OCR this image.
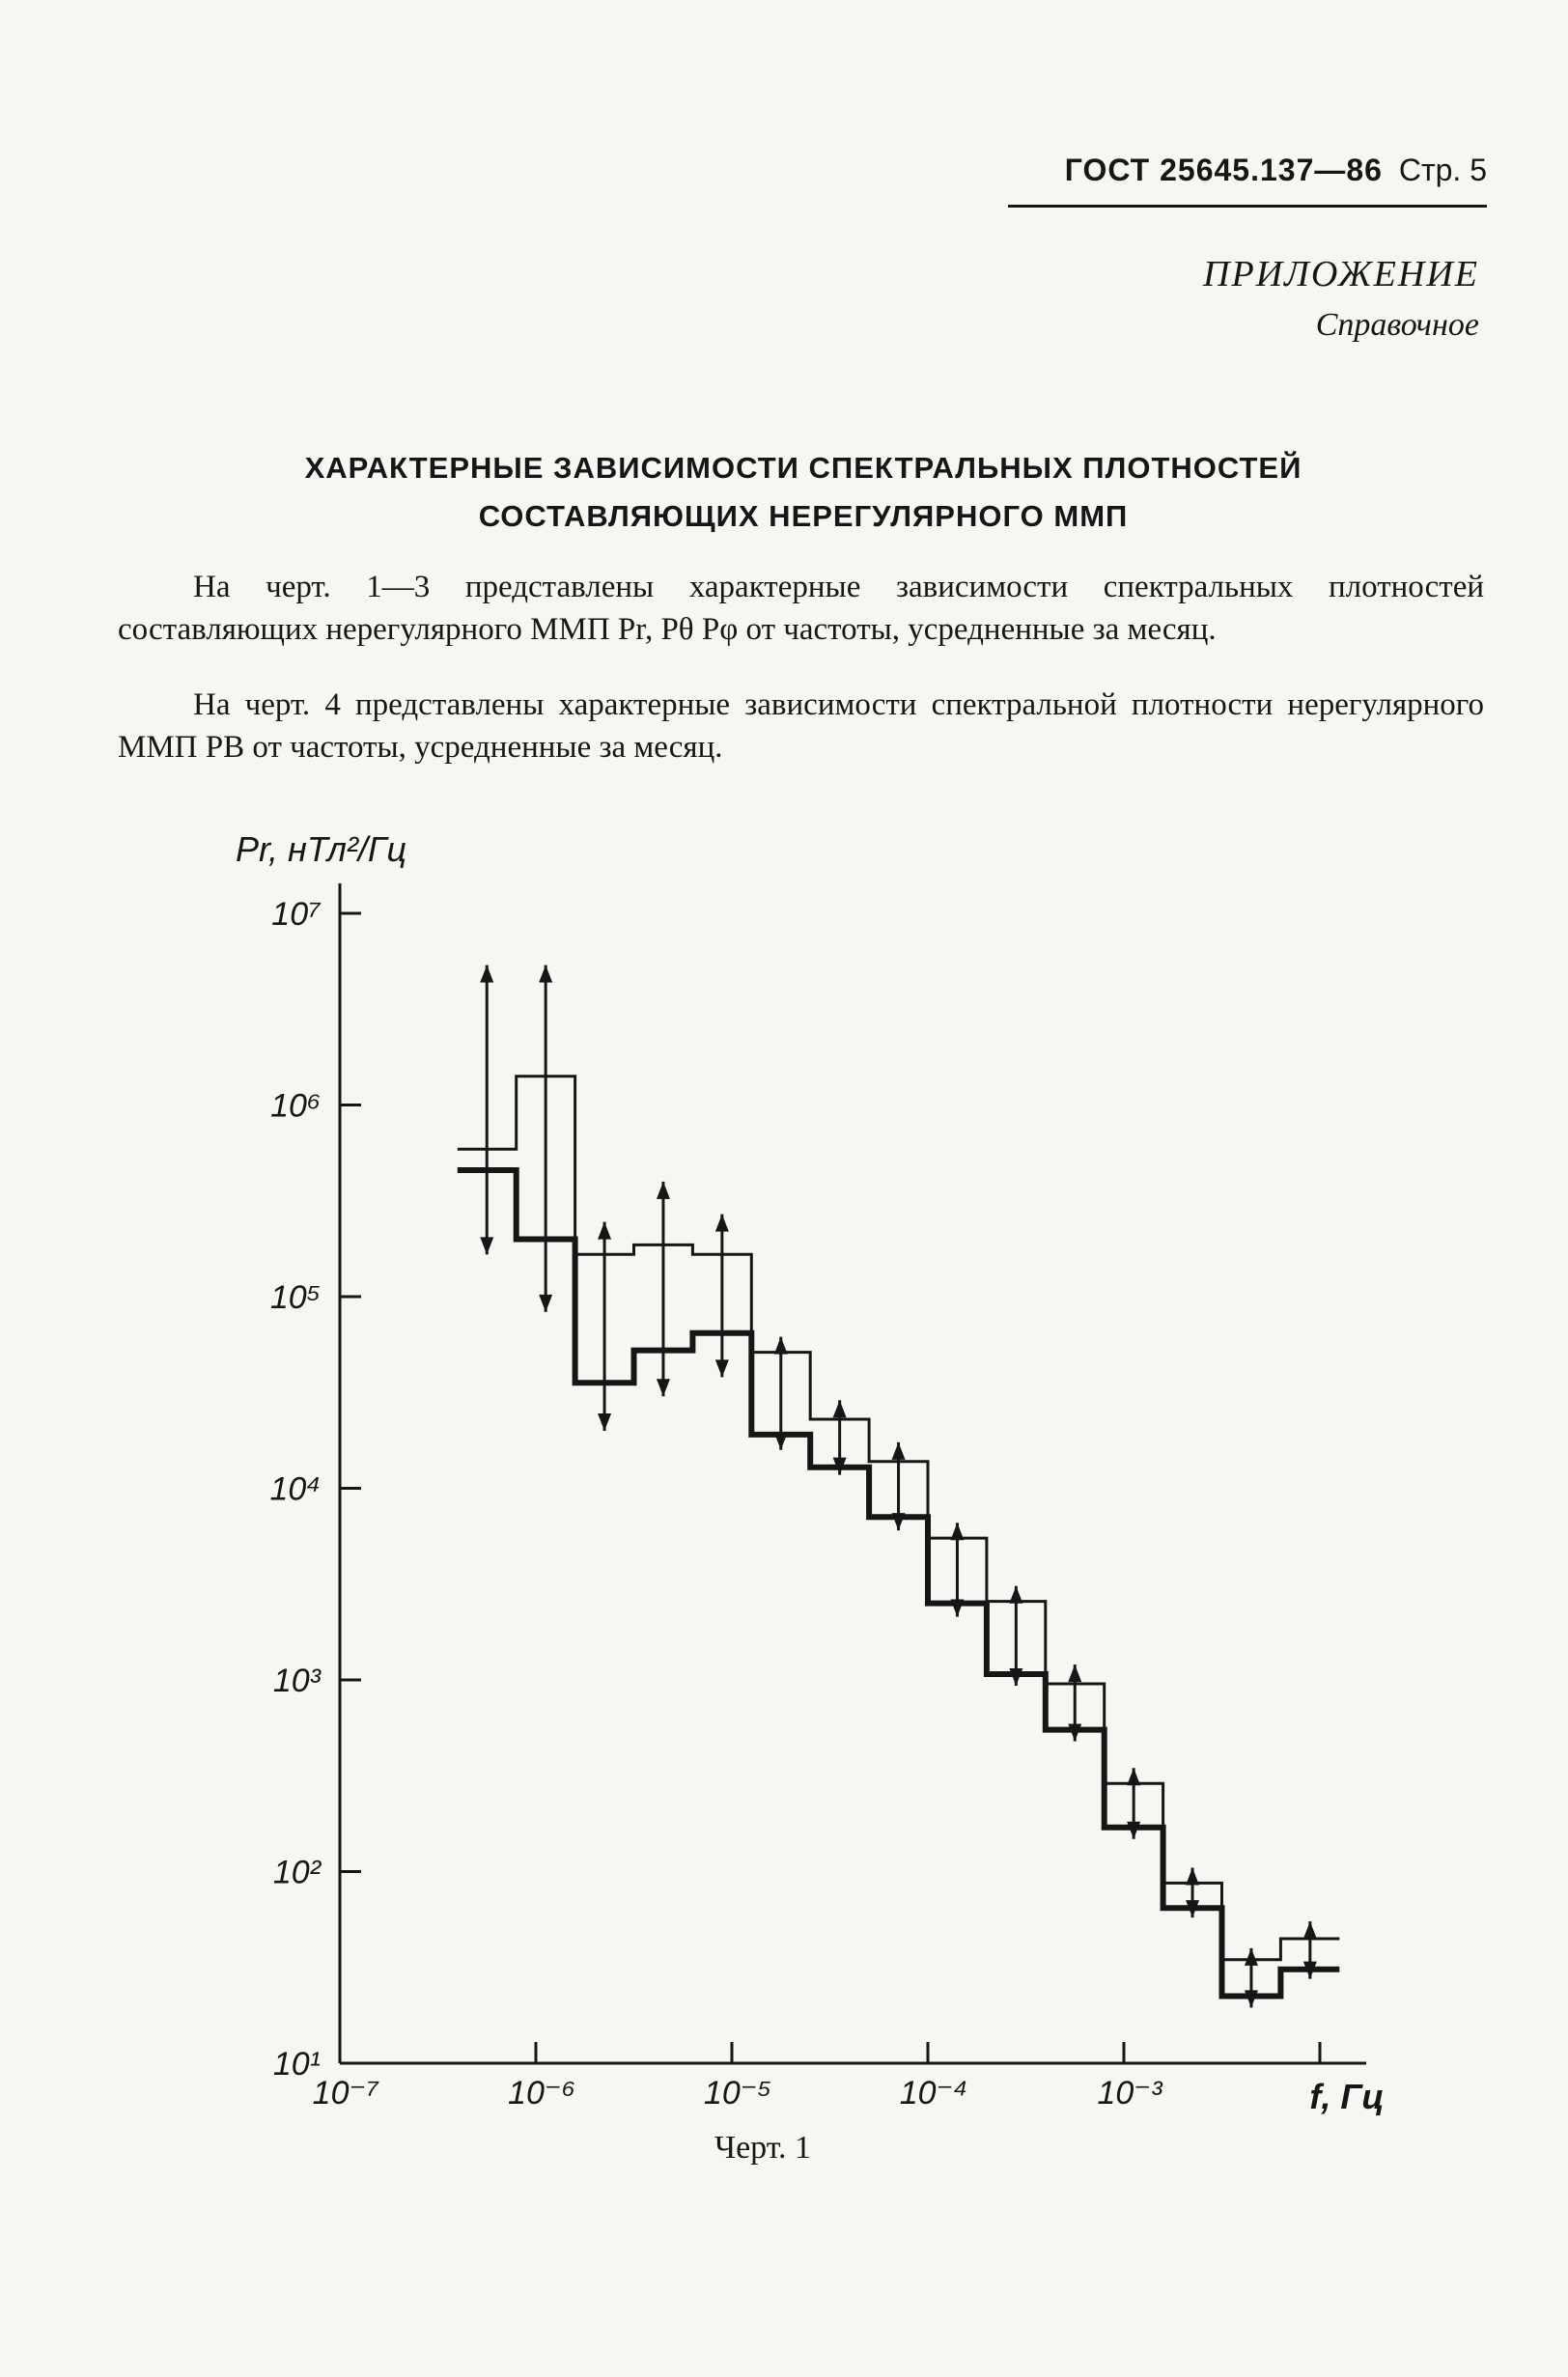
ГОСТ 25645.137—86 Стр. 5
ПРИЛОЖЕНИЕ
Справочное
ХАРАКТЕРНЫЕ ЗАВИСИМОСТИ СПЕКТРАЛЬНЫХ ПЛОТНОСТЕЙ
СОСТАВЛЯЮЩИХ НЕРЕГУЛЯРНОГО ММП
На черт. 1—3 представлены характерные зависимости спектральных плотностей составляющих нерегулярного ММП Pr, Pθ Pφ от частоты, усредненные за месяц.
На черт. 4 представлены характерные зависимости спектральной плотности нерегулярного ММП PB от частоты, усредненные за месяц.
10¹
10²
10³
10⁴
10⁵
10⁶
10⁷
10⁻⁷	10⁻⁶	10⁻⁵	10⁻⁴	10⁻³
Pr, нТл²/Гц
f, Гц
Черт. 1
